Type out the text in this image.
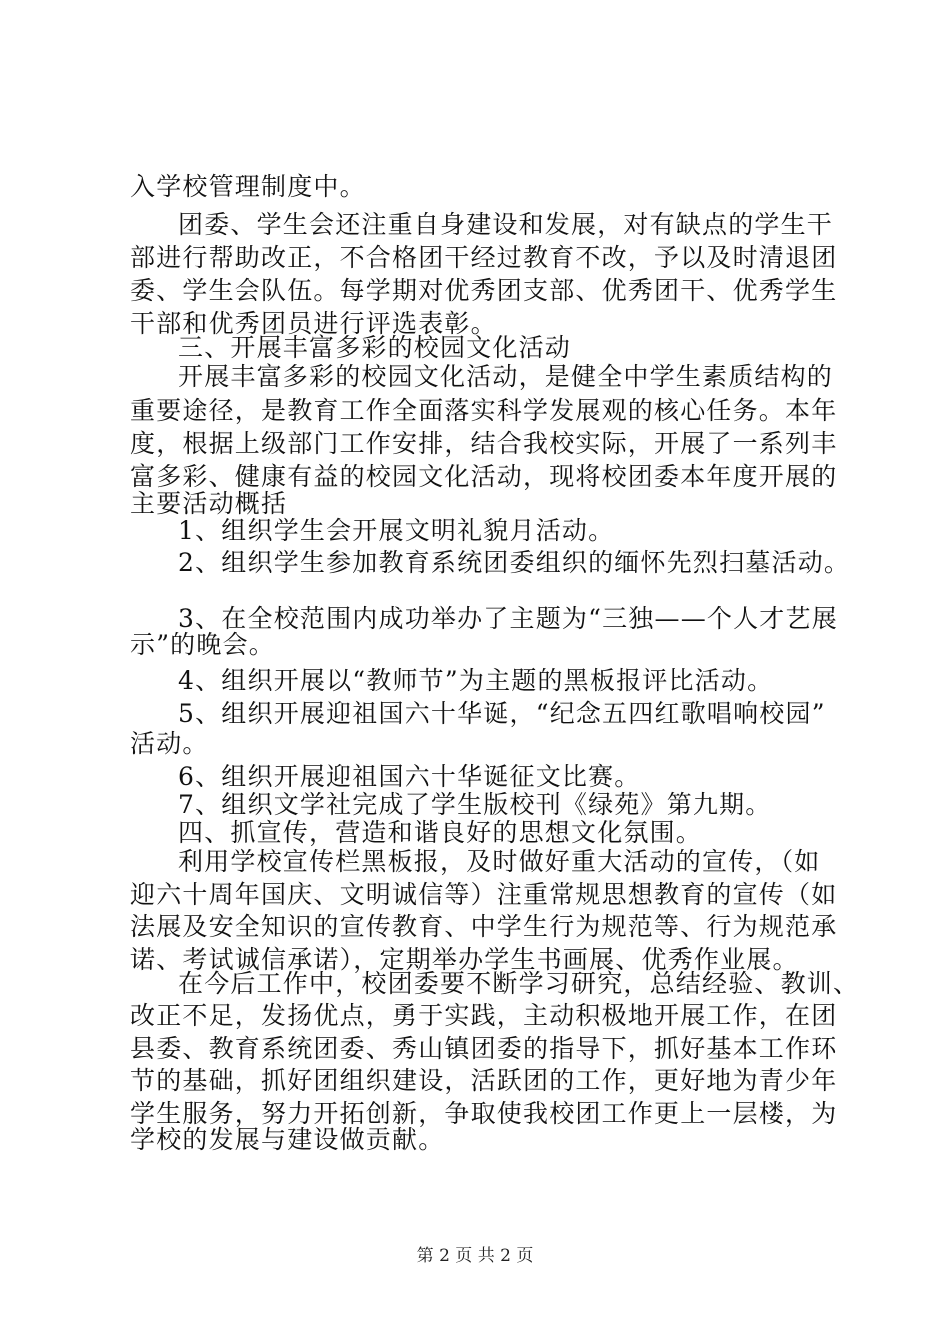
入学校管理制度中。
团委、学生会还注重自身建设和发展，对有缺点的学生干
部进行帮助改正，不合格团干经过教育不改，予以及时清退团
委、学生会队伍。每学期对优秀团支部、优秀团干、优秀学生
干部和优秀团员进行评选表彰。
三、开展丰富多彩的校园文化活动
开展丰富多彩的校园文化活动，是健全中学生素质结构的
重要途径，是教育工作全面落实科学发展观的核心任务。本年
度，根据上级部门工作安排，结合我校实际，开展了一系列丰
富多彩、健康有益的校园文化活动，现将校团委本年度开展的
主要活动概括
1、组织学生会开展文明礼貌月活动。
2、组织学生参加教育系统团委组织的缅怀先烈扫墓活动。
3、在全校范围内成功举办了主题为“三独——个人才艺展
示”的晚会。
4、组织开展以“教师节”为主题的黑板报评比活动。
5、组织开展迎祖国六十华诞，“纪念五四红歌唱响校园”
活动。
6、组织开展迎祖国六十华诞征文比赛。
7、组织文学社完成了学生版校刊《绿苑》第九期。
四、抓宣传，营造和谐良好的思想文化氛围。
利用学校宣传栏黑板报，及时做好重大活动的宣传，（如
迎六十周年国庆、文明诚信等）注重常规思想教育的宣传（如
法展及安全知识的宣传教育、中学生行为规范等、行为规范承
诺、考试诚信承诺），定期举办学生书画展、优秀作业展。
在今后工作中，校团委要不断学习研究，总结经验、教训、
改正不足，发扬优点，勇于实践，主动积极地开展工作，在团
县委、教育系统团委、秀山镇团委的指导下，抓好基本工作环
节的基础，抓好团组织建设，活跃团的工作，更好地为青少年
学生服务，努力开拓创新，争取使我校团工作更上一层楼，为
学校的发展与建设做贡献。
第 2 页 共 2 页
